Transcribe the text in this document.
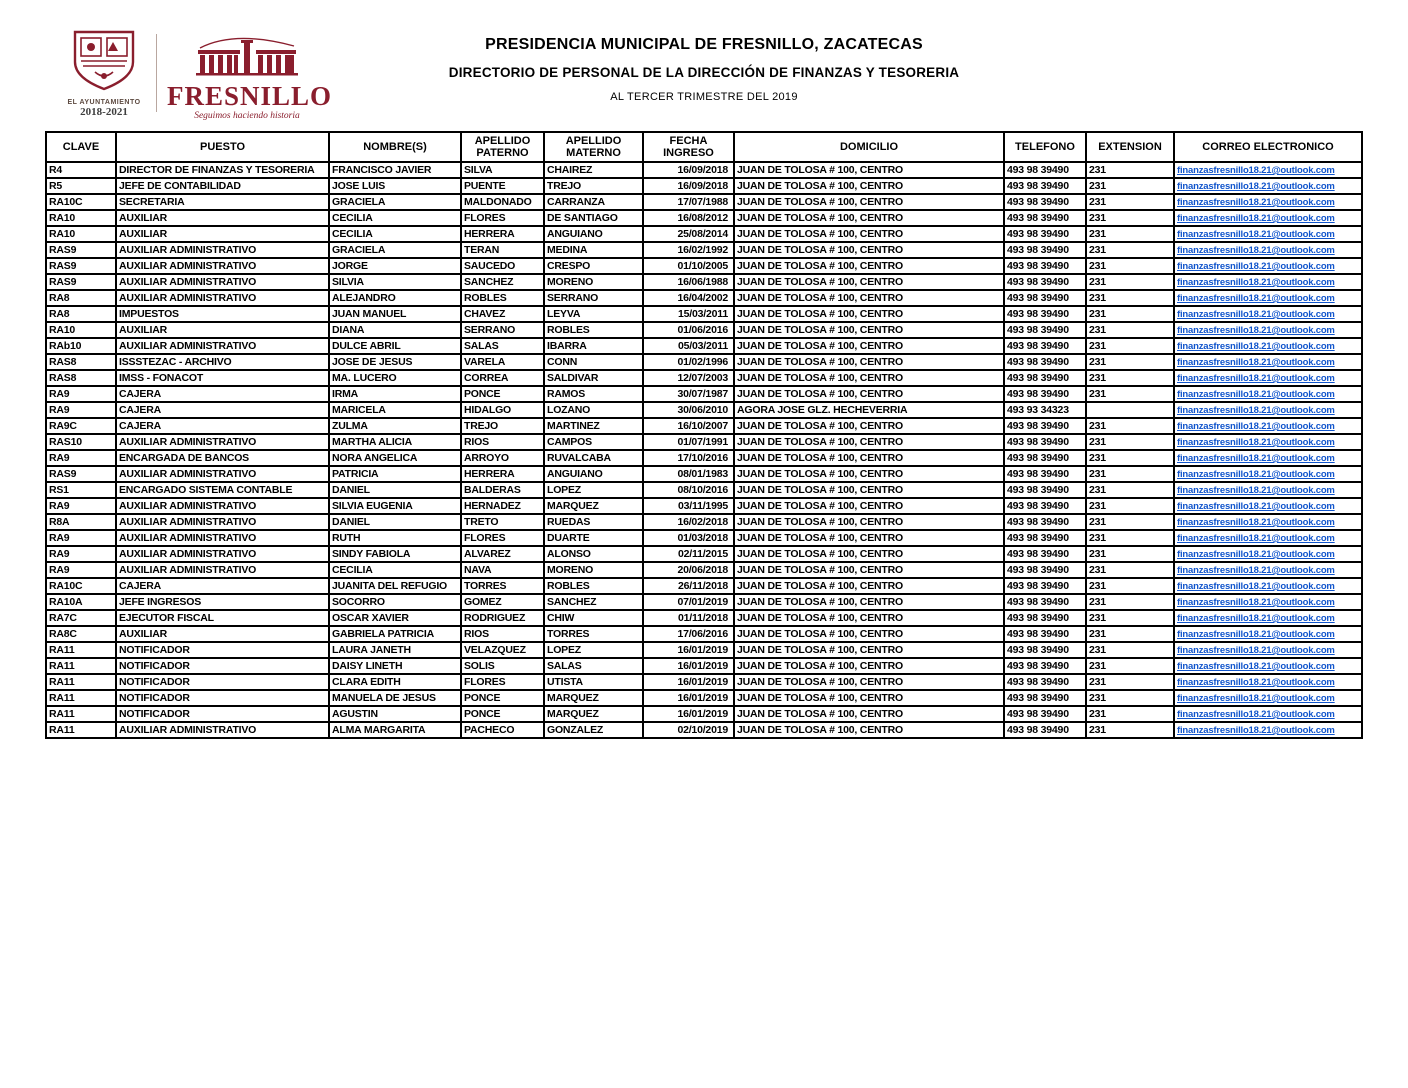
EL AYUNTAMIENTO
2018-2021
FRESNILLO
Seguimos haciendo historia
PRESIDENCIA MUNICIPAL DE FRESNILLO, ZACATECAS
DIRECTORIO DE PERSONAL DE LA DIRECCIÓN DE FINANZAS Y TESORERIA
AL TERCER TRIMESTRE DEL 2019
CLAVE	PUESTO	NOMBRE(S)	APELLIDO PATERNO	APELLIDO MATERNO	FECHA INGRESO	DOMICILIO	TELEFONO	EXTENSION	CORREO ELECTRONICO
R4	DIRECTOR DE FINANZAS Y TESORERIA	FRANCISCO JAVIER	SILVA	CHAIREZ	16/09/2018	JUAN DE TOLOSA # 100, CENTRO	493 98 39490	231	finanzasfresnillo18.21@outlook.com
R5	JEFE DE CONTABILIDAD	JOSE LUIS	PUENTE	TREJO	16/09/2018	JUAN DE TOLOSA # 100, CENTRO	493 98 39490	231	finanzasfresnillo18.21@outlook.com
RA10C	SECRETARIA	GRACIELA	MALDONADO	CARRANZA	17/07/1988	JUAN DE TOLOSA # 100, CENTRO	493 98 39490	231	finanzasfresnillo18.21@outlook.com
RA10	AUXILIAR	CECILIA	FLORES	DE SANTIAGO	16/08/2012	JUAN DE TOLOSA # 100, CENTRO	493 98 39490	231	finanzasfresnillo18.21@outlook.com
RA10	AUXILIAR	CECILIA	HERRERA	ANGUIANO	25/08/2014	JUAN DE TOLOSA # 100, CENTRO	493 98 39490	231	finanzasfresnillo18.21@outlook.com
RAS9	AUXILIAR ADMINISTRATIVO	GRACIELA	TERAN	MEDINA	16/02/1992	JUAN DE TOLOSA # 100, CENTRO	493 98 39490	231	finanzasfresnillo18.21@outlook.com
RAS9	AUXILIAR ADMINISTRATIVO	JORGE	SAUCEDO	CRESPO	01/10/2005	JUAN DE TOLOSA # 100, CENTRO	493 98 39490	231	finanzasfresnillo18.21@outlook.com
RAS9	AUXILIAR ADMINISTRATIVO	SILVIA	SANCHEZ	MORENO	16/06/1988	JUAN DE TOLOSA # 100, CENTRO	493 98 39490	231	finanzasfresnillo18.21@outlook.com
RA8	AUXILIAR ADMINISTRATIVO	ALEJANDRO	ROBLES	SERRANO	16/04/2002	JUAN DE TOLOSA # 100, CENTRO	493 98 39490	231	finanzasfresnillo18.21@outlook.com
RA8	IMPUESTOS	JUAN MANUEL	CHAVEZ	LEYVA	15/03/2011	JUAN DE TOLOSA # 100, CENTRO	493 98 39490	231	finanzasfresnillo18.21@outlook.com
RA10	AUXILIAR	DIANA	SERRANO	ROBLES	01/06/2016	JUAN DE TOLOSA # 100, CENTRO	493 98 39490	231	finanzasfresnillo18.21@outlook.com
RAb10	AUXILIAR ADMINISTRATIVO	DULCE ABRIL	SALAS	IBARRA	05/03/2011	JUAN DE TOLOSA # 100, CENTRO	493 98 39490	231	finanzasfresnillo18.21@outlook.com
RAS8	ISSSTEZAC - ARCHIVO	JOSE DE JESUS	VARELA	CONN	01/02/1996	JUAN DE TOLOSA # 100, CENTRO	493 98 39490	231	finanzasfresnillo18.21@outlook.com
RAS8	IMSS - FONACOT	MA. LUCERO	CORREA	SALDIVAR	12/07/2003	JUAN DE TOLOSA # 100, CENTRO	493 98 39490	231	finanzasfresnillo18.21@outlook.com
RA9	CAJERA	IRMA	PONCE	RAMOS	30/07/1987	JUAN DE TOLOSA # 100, CENTRO	493 98 39490	231	finanzasfresnillo18.21@outlook.com
RA9	CAJERA	MARICELA	HIDALGO	LOZANO	30/06/2010	AGORA JOSE GLZ. HECHEVERRIA	493 93 34323		finanzasfresnillo18.21@outlook.com
RA9C	CAJERA	ZULMA	TREJO	MARTINEZ	16/10/2007	JUAN DE TOLOSA # 100, CENTRO	493 98 39490	231	finanzasfresnillo18.21@outlook.com
RAS10	AUXILIAR ADMINISTRATIVO	MARTHA ALICIA	RIOS	CAMPOS	01/07/1991	JUAN DE TOLOSA # 100, CENTRO	493 98 39490	231	finanzasfresnillo18.21@outlook.com
RA9	ENCARGADA DE BANCOS	NORA ANGELICA	ARROYO	RUVALCABA	17/10/2016	JUAN DE TOLOSA # 100, CENTRO	493 98 39490	231	finanzasfresnillo18.21@outlook.com
RAS9	AUXILIAR ADMINISTRATIVO	PATRICIA	HERRERA	ANGUIANO	08/01/1983	JUAN DE TOLOSA # 100, CENTRO	493 98 39490	231	finanzasfresnillo18.21@outlook.com
RS1	ENCARGADO SISTEMA CONTABLE	DANIEL	BALDERAS	LOPEZ	08/10/2016	JUAN DE TOLOSA # 100, CENTRO	493 98 39490	231	finanzasfresnillo18.21@outlook.com
RA9	AUXILIAR ADMINISTRATIVO	SILVIA EUGENIA	HERNADEZ	MARQUEZ	03/11/1995	JUAN DE TOLOSA # 100, CENTRO	493 98 39490	231	finanzasfresnillo18.21@outlook.com
R8A	AUXILIAR ADMINISTRATIVO	DANIEL	TRETO	RUEDAS	16/02/2018	JUAN DE TOLOSA # 100, CENTRO	493 98 39490	231	finanzasfresnillo18.21@outlook.com
RA9	AUXILIAR ADMINISTRATIVO	RUTH	FLORES	DUARTE	01/03/2018	JUAN DE TOLOSA # 100, CENTRO	493 98 39490	231	finanzasfresnillo18.21@outlook.com
RA9	AUXILIAR ADMINISTRATIVO	SINDY FABIOLA	ALVAREZ	ALONSO	02/11/2015	JUAN DE TOLOSA # 100, CENTRO	493 98 39490	231	finanzasfresnillo18.21@outlook.com
RA9	AUXILIAR ADMINISTRATIVO	CECILIA	NAVA	MORENO	20/06/2018	JUAN DE TOLOSA # 100, CENTRO	493 98 39490	231	finanzasfresnillo18.21@outlook.com
RA10C	CAJERA	JUANITA DEL REFUGIO	TORRES	ROBLES	26/11/2018	JUAN DE TOLOSA # 100, CENTRO	493 98 39490	231	finanzasfresnillo18.21@outlook.com
RA10A	JEFE INGRESOS	SOCORRO	GOMEZ	SANCHEZ	07/01/2019	JUAN DE TOLOSA # 100, CENTRO	493 98 39490	231	finanzasfresnillo18.21@outlook.com
RA7C	EJECUTOR FISCAL	OSCAR XAVIER	RODRIGUEZ	CHIW	01/11/2018	JUAN DE TOLOSA # 100, CENTRO	493 98 39490	231	finanzasfresnillo18.21@outlook.com
RA8C	AUXILIAR	GABRIELA PATRICIA	RIOS	TORRES	17/06/2016	JUAN DE TOLOSA # 100, CENTRO	493 98 39490	231	finanzasfresnillo18.21@outlook.com
RA11	NOTIFICADOR	LAURA JANETH	VELAZQUEZ	LOPEZ	16/01/2019	JUAN DE TOLOSA # 100, CENTRO	493 98 39490	231	finanzasfresnillo18.21@outlook.com
RA11	NOTIFICADOR	DAISY LINETH	SOLIS	SALAS	16/01/2019	JUAN DE TOLOSA # 100, CENTRO	493 98 39490	231	finanzasfresnillo18.21@outlook.com
RA11	NOTIFICADOR	CLARA EDITH	FLORES	UTISTA	16/01/2019	JUAN DE TOLOSA # 100, CENTRO	493 98 39490	231	finanzasfresnillo18.21@outlook.com
RA11	NOTIFICADOR	MANUELA DE JESUS	PONCE	MARQUEZ	16/01/2019	JUAN DE TOLOSA # 100, CENTRO	493 98 39490	231	finanzasfresnillo18.21@outlook.com
RA11	NOTIFICADOR	AGUSTIN	PONCE	MARQUEZ	16/01/2019	JUAN DE TOLOSA # 100, CENTRO	493 98 39490	231	finanzasfresnillo18.21@outlook.com
RA11	AUXILIAR ADMINISTRATIVO	ALMA MARGARITA	PACHECO	GONZALEZ	02/10/2019	JUAN DE TOLOSA # 100, CENTRO	493 98 39490	231	finanzasfresnillo18.21@outlook.com
